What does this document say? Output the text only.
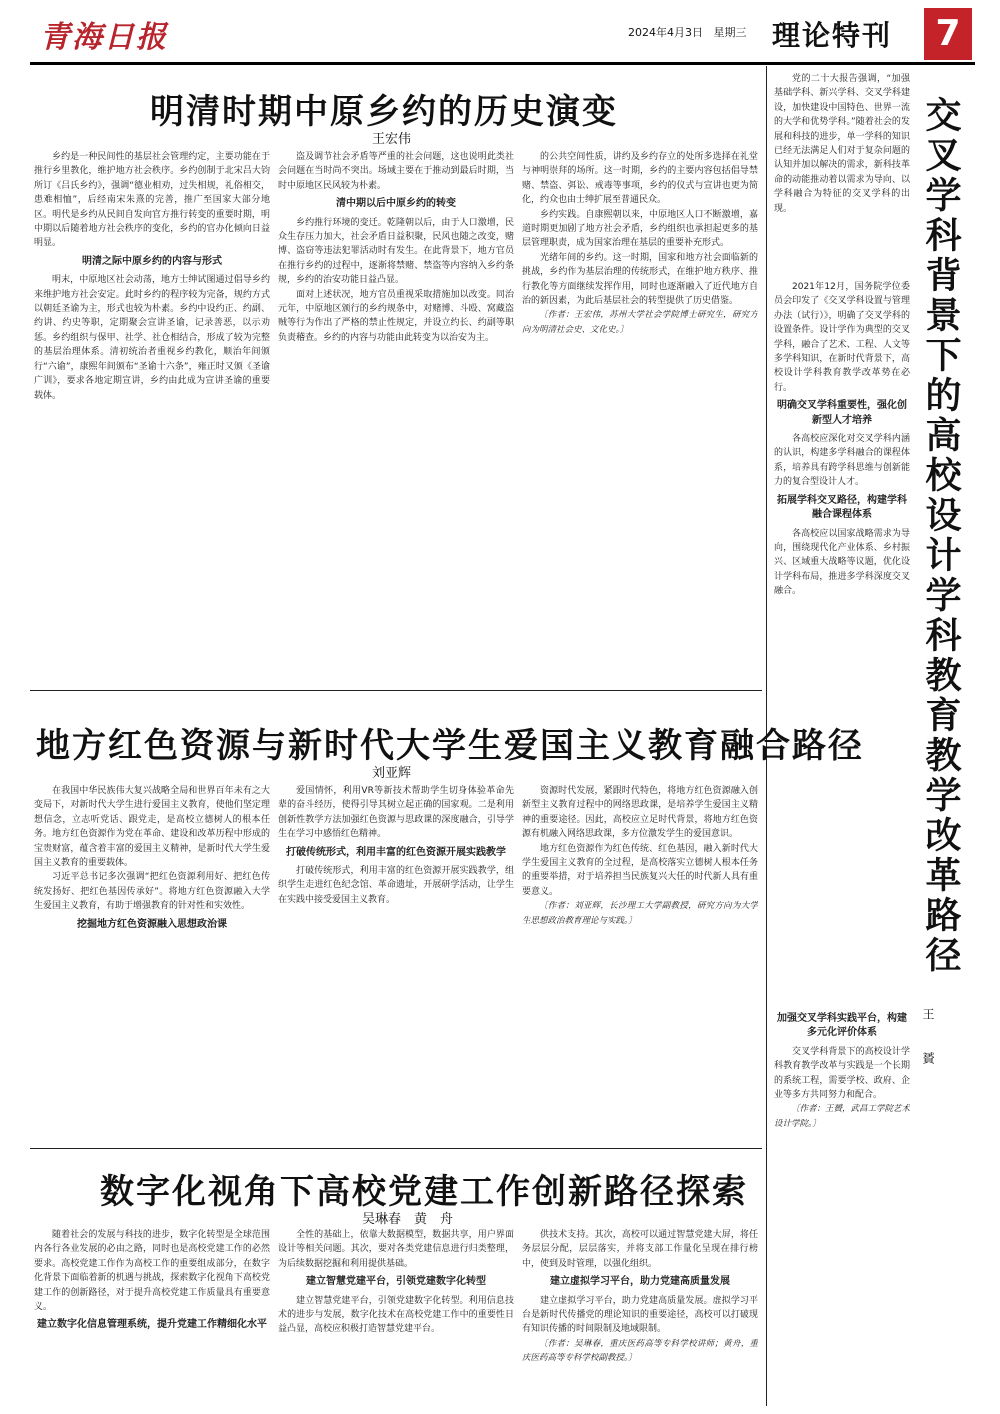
青海日报	2024年4月3日 星期三 理论特刊	7
明清时期中原乡约的历史演变
王宏伟

乡约是一种民间性的基层社会管理约定，主要功能在于推行乡里教化，维护地方社会秩序。乡约创制于北宋吕大钧所订《吕氏乡约》，强调“德业相劝，过失相规，礼俗相交，患难相恤”，后经南宋朱熹的完善，推广至国家大部分地区。明代是乡约从民间自发向官方推行转变的重要时期，明中期以后随着地方社会秩序的变化，乡约的官办化倾向日益明显。

明清之际中原乡约的内容与形式

明末，中原地区社会动荡，地方士绅试图通过倡导乡约来维护地方社会安定。此时乡约的程序较为完备，规约方式以朝廷圣谕为主，形式也较为朴素。乡约中设约正、约副、约讲、约史等职，定期聚会宣讲圣谕，记录善恶，以示劝惩。乡约组织与保甲、社学、社仓相结合，形成了较为完整的基层治理体系。清初统治者重视乡约教化，顺治年间颁行“六谕”，康熙年间颁布“圣谕十六条”，雍正时又颁《圣谕广训》，要求各地定期宣讲，乡约由此成为宣讲圣谕的重要载体。

盗及调节社会矛盾等严重的社会问题，这也说明此类社会问题在当时尚不突出。场域主要在于推动到最后时期，当时中原地区民风较为朴素。

清中期以后中原乡约的转变

乡约推行环境的变迁。乾隆朝以后，由于人口激增，民众生存压力加大，社会矛盾日益积聚，民风也随之改变，赌博、盗窃等违法犯罪活动时有发生。在此背景下，地方官员在推行乡约的过程中，逐渐将禁赌、禁盗等内容纳入乡约条规，乡约的治安功能日益凸显。

面对上述状况，地方官员重视采取措施加以改变。同治元年，中原地区颁行的乡约规条中，对赌博、斗殴、窝藏盗贼等行为作出了严格的禁止性规定，并设立约长、约副等职负责稽查。乡约的内容与功能由此转变为以治安为主。

的公共空间性质，讲约及乡约存立的处所多选择在礼堂与神明崇拜的场所。这一时期，乡约的主要内容包括倡导禁赌、禁盗、弭讼、戒毒等事项，乡约的仪式与宣讲也更为简化，约众也由士绅扩展至普通民众。

乡约实践。自康熙朝以来，中原地区人口不断激增，嘉道时期更加剧了地方社会矛盾，乡约组织也承担起更多的基层管理职责，成为国家治理在基层的重要补充形式。

光绪年间的乡约。这一时期，国家和地方社会面临新的挑战，乡约作为基层治理的传统形式，在维护地方秩序、推行教化等方面继续发挥作用，同时也逐渐融入了近代地方自治的新因素，为此后基层社会的转型提供了历史借鉴。

〔作者：王宏伟，苏州大学社会学院博士研究生，研究方向为明清社会史、文化史。〕

地方红色资源与新时代大学生爱国主义教育融合路径
刘亚辉

在我国中华民族伟大复兴战略全局和世界百年未有之大变局下，对新时代大学生进行爱国主义教育，使他们坚定理想信念，立志听党话、跟党走，是高校立德树人的根本任务。地方红色资源作为党在革命、建设和改革历程中形成的宝贵财富，蕴含着丰富的爱国主义精神，是新时代大学生爱国主义教育的重要载体。

习近平总书记多次强调“把红色资源利用好、把红色传统发扬好、把红色基因传承好”。将地方红色资源融入大学生爱国主义教育，有助于增强教育的针对性和实效性。

挖掘地方红色资源融入思想政治课

爱国情怀，利用VR等新技术帮助学生切身体验革命先辈的奋斗经历，使得引导其树立起正确的国家观。二是利用创新性教学方法加强红色资源与思政课的深度融合，引导学生在学习中感悟红色精神。

打破传统形式，利用丰富的红色资源开展实践教学

打破传统形式，利用丰富的红色资源开展实践教学，组织学生走进红色纪念馆、革命遗址，开展研学活动，让学生在实践中接受爱国主义教育。

资源时代发展，紧跟时代特色，将地方红色资源融入创新型主义教育过程中的网络思政课，是培养学生爱国主义精神的重要途径。因此，高校应立足时代背景，将地方红色资源有机融入网络思政课，多方位激发学生的爱国意识。

地方红色资源作为红色传统、红色基因，融入新时代大学生爱国主义教育的全过程，是高校落实立德树人根本任务的重要举措，对于培养担当民族复兴大任的时代新人具有重要意义。

〔作者：刘亚辉，长沙理工大学副教授，研究方向为大学生思想政治教育理论与实践。〕

数字化视角下高校党建工作创新路径探索
吴琳春　黄　舟

随着社会的发展与科技的进步，数字化转型是全球范围内各行各业发展的必由之路，同时也是高校党建工作的必然要求。高校党建工作作为高校工作的重要组成部分，在数字化背景下面临着新的机遇与挑战，探索数字化视角下高校党建工作的创新路径，对于提升高校党建工作质量具有重要意义。

建立数字化信息管理系统，提升党建工作精细化水平

全性的基础上，依靠大数据模型，数据共享，用户界面设计等相关问题。其次，要对各类党建信息进行归类整理，为后续数据挖掘和利用提供基础。

建立智慧党建平台，引领党建数字化转型

建立智慧党建平台，引领党建数字化转型。利用信息技术的进步与发展，数字化技术在高校党建工作中的重要性日益凸显，高校应积极打造智慧党建平台。

供技术支持。其次，高校可以通过智慧党建大屏，将任务层层分配，层层落实，并将支部工作量化呈现在排行榜中，使到及时管理，以强化组织。

建立虚拟学习平台，助力党建高质量发展

建立虚拟学习平台，助力党建高质量发展。虚拟学习平台是新时代传播党的理论知识的重要途径，高校可以打破现有知识传播的时间限制及地域限制。

〔作者：吴琳春，重庆医药高等专科学校讲师；黄舟，重庆医药高等专科学校副教授。〕

党的二十大报告强调，“加强基础学科、新兴学科、交叉学科建设，加快建设中国特色、世界一流的大学和优势学科。”随着社会的发展和科技的进步，单一学科的知识已经无法满足人们对于复杂问题的认知并加以解决的需求，新科技革命的动能推动着以需求为导向、以学科融合为特征的交叉学科的出现。	交叉学科背景下的高校设计学科教育教学改革路径
王　贇

2021年12月，国务院学位委员会印发了《交叉学科设置与管理办法（试行）》，明确了交叉学科的设置条件。设计学作为典型的交叉学科，融合了艺术、工程、人文等多学科知识，在新时代背景下，高校设计学科教育教学改革势在必行。

明确交叉学科重要性，强化创新型人才培养

各高校应深化对交叉学科内涵的认识，构建多学科融合的课程体系，培养具有跨学科思维与创新能力的复合型设计人才。

拓展学科交叉路径，构建学科融合课程体系

各高校应以国家战略需求为导向，围绕现代化产业体系、乡村振兴、区域重大战略等议题，优化设计学科布局，推进多学科深度交叉融合。

加强交叉学科实践平台，构建多元化评价体系

交叉学科背景下的高校设计学科教育教学改革与实践是一个长期的系统工程，需要学校、政府、企业等多方共同努力和配合。

〔作者：王贇，武昌工学院艺术设计学院。〕
